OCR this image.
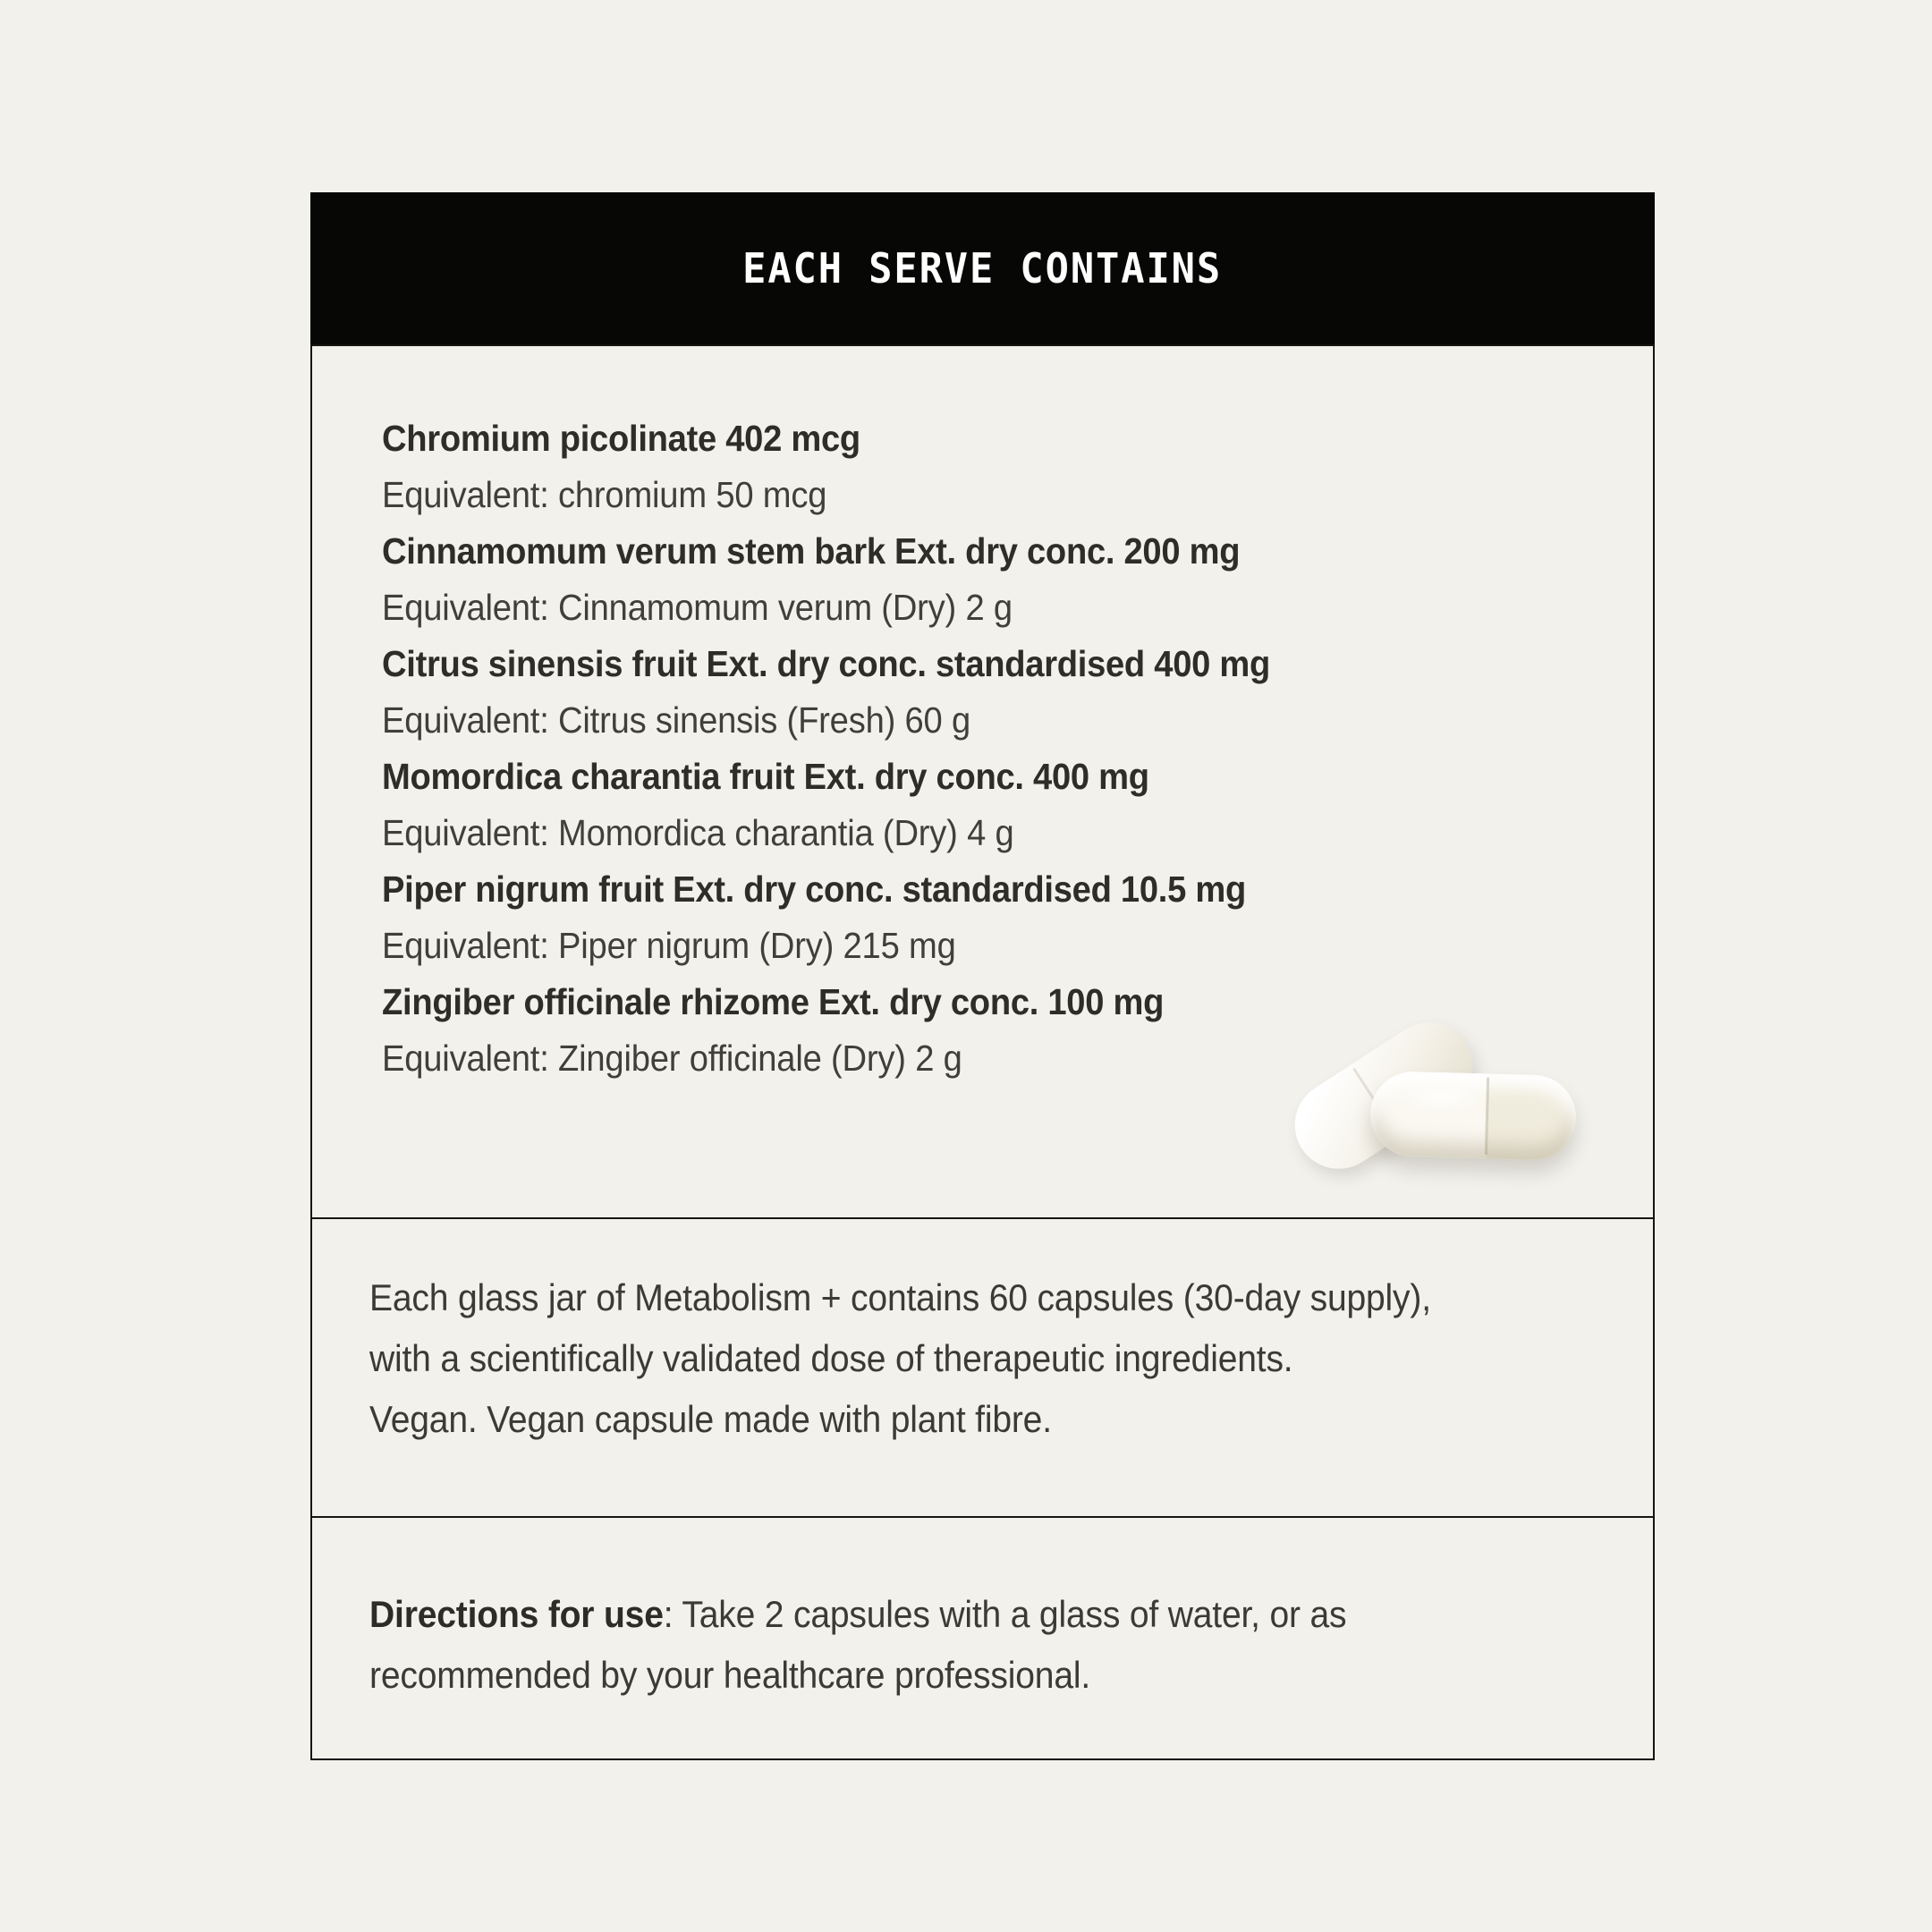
EACH SERVE CONTAINS
Chromium picolinate 402 mcg
Equivalent: chromium 50 mcg
Cinnamomum verum stem bark Ext. dry conc. 200 mg
Equivalent: Cinnamomum verum (Dry) 2 g
Citrus sinensis fruit Ext. dry conc. standardised 400 mg
Equivalent: Citrus sinensis (Fresh) 60 g
Momordica charantia fruit Ext. dry conc. 400 mg
Equivalent: Momordica charantia (Dry) 4 g
Piper nigrum fruit Ext. dry conc. standardised 10.5 mg
Equivalent: Piper nigrum (Dry) 215 mg
Zingiber officinale rhizome Ext. dry conc. 100 mg
Equivalent: Zingiber officinale (Dry) 2 g
Each glass jar of Metabolism + contains 60 capsules (30-day supply),
with a scientifically validated dose of therapeutic ingredients.
Vegan. Vegan capsule made with plant fibre.
Directions for use: Take 2 capsules with a glass of water, or as
recommended by your healthcare professional.
